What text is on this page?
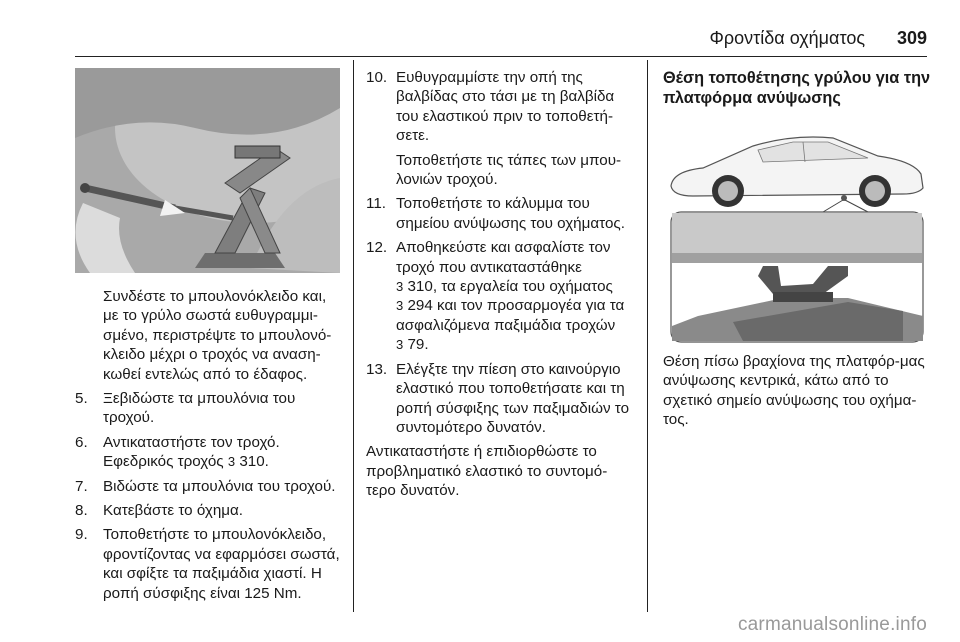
Φροντίδα οχήματος 309
Συνδέστε το μπουλονόκλειδο και, με το γρύλο σωστά ευθυγραμμι-σμένο, περιστρέψτε το μπουλονό-κλειδο μέχρι ο τροχός να αναση-κωθεί εντελώς από το έδαφος.
5. Ξεβιδώστε τα μπουλόνια του τροχού.
6. Αντικαταστήστε τον τροχό. Εφεδρικός τροχός 3 310.
7. Βιδώστε τα μπουλόνια του τροχού.
8. Κατεβάστε το όχημα.
9. Τοποθετήστε το μπουλονόκλειδο, φροντίζοντας να εφαρμόσει σωστά, και σφίξτε τα παξιμάδια χιαστί. Η ροπή σύσφιξης είναι 125 Nm.
10. Ευθυγραμμίστε την οπή της βαλβίδας στο τάσι με τη βαλβίδα του ελαστικού πριν το τοποθετή-σετε.
Τοποθετήστε τις τάπες των μπου-λονιών τροχού.
11. Τοποθετήστε το κάλυμμα του σημείου ανύψωσης του οχήματος.
12. Αποθηκεύστε και ασφαλίστε τον τροχό που αντικαταστάθηκε
3 310, τα εργαλεία του οχήματος
3 294 και τον προσαρμογέα για τα ασφαλιζόμενα παξιμάδια τροχών
3 79.
13. Ελέγξτε την πίεση στο καινούργιο ελαστικό που τοποθετήσατε και τη ροπή σύσφιξης των παξιμαδιών το συντομότερο δυνατόν.
Αντικαταστήστε ή επιδιορθώστε το προβληματικό ελαστικό το συντομό-τερο δυνατόν.
Θέση τοποθέτησης γρύλου για την πλατφόρμα ανύψωσης
Θέση πίσω βραχίονα της πλατφόρ-μας ανύψωσης κεντρικά, κάτω από το σχετικό σημείο ανύψωσης του οχήμα-τος.
carmanualsonline.info
